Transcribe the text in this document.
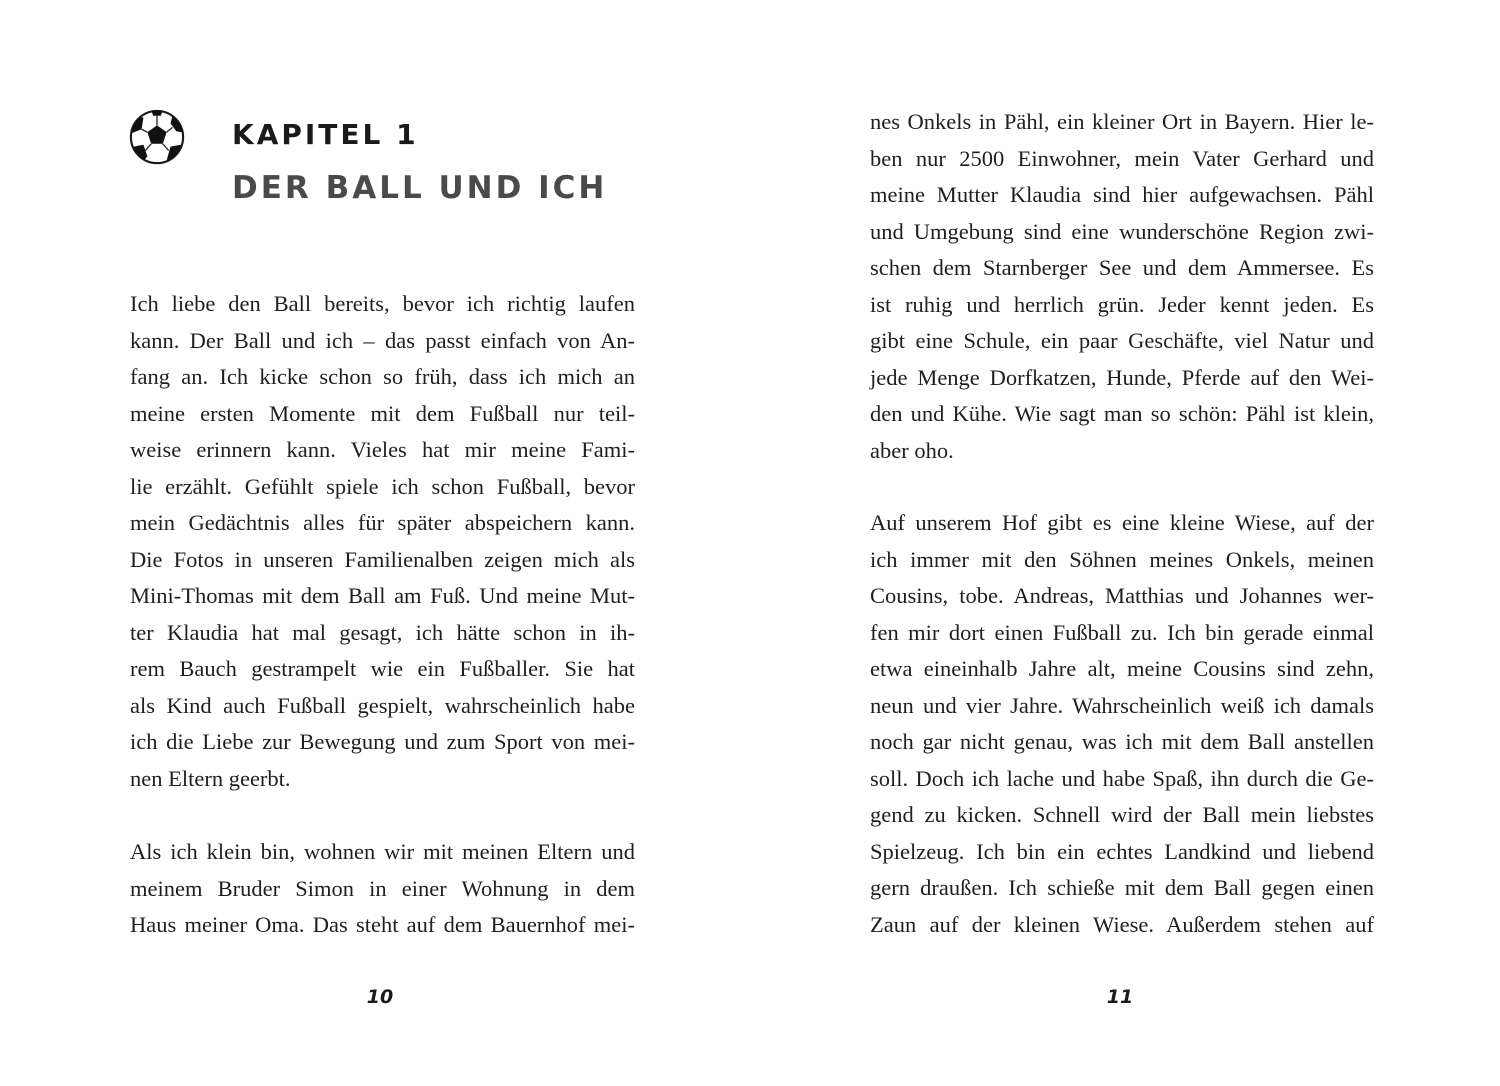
KAPITEL 1
DER BALL UND ICH
Ich liebe den Ball bereits, bevor ich richtig laufen
kann. Der Ball und ich – das passt einfach von An-
fang an. Ich kicke schon so früh, dass ich mich an
meine ersten Momente mit dem Fußball nur teil-
weise erinnern kann. Vieles hat mir meine Fami-
lie erzählt. Gefühlt spiele ich schon Fußball, bevor
mein Gedächtnis alles für später abspeichern kann.
Die Fotos in unseren Familienalben zeigen mich als
Mini-Thomas mit dem Ball am Fuß. Und meine Mut-
ter Klaudia hat mal gesagt, ich hätte schon in ih-
rem Bauch gestrampelt wie ein Fußballer. Sie hat
als Kind auch Fußball gespielt, wahrscheinlich habe
ich die Liebe zur Bewegung und zum Sport von mei-
nen Eltern geerbt.
Als ich klein bin, wohnen wir mit meinen Eltern und
meinem Bruder Simon in einer Wohnung in dem
Haus meiner Oma. Das steht auf dem Bauernhof mei-
10
nes Onkels in Pähl, ein kleiner Ort in Bayern. Hier le-
ben nur 2500 Einwohner, mein Vater Gerhard und
meine Mutter Klaudia sind hier aufgewachsen. Pähl
und Umgebung sind eine wunderschöne Region zwi-
schen dem Starnberger See und dem Ammersee. Es
ist ruhig und herrlich grün. Jeder kennt jeden. Es
gibt eine Schule, ein paar Geschäfte, viel Natur und
jede Menge Dorfkatzen, Hunde, Pferde auf den Wei-
den und Kühe. Wie sagt man so schön: Pähl ist klein,
aber oho.
Auf unserem Hof gibt es eine kleine Wiese, auf der
ich immer mit den Söhnen meines Onkels, meinen
Cousins, tobe. Andreas, Matthias und Johannes wer-
fen mir dort einen Fußball zu. Ich bin gerade einmal
etwa eineinhalb Jahre alt, meine Cousins sind zehn,
neun und vier Jahre. Wahrscheinlich weiß ich damals
noch gar nicht genau, was ich mit dem Ball anstellen
soll. Doch ich lache und habe Spaß, ihn durch die Ge-
gend zu kicken. Schnell wird der Ball mein liebstes
Spielzeug. Ich bin ein echtes Landkind und liebend
gern draußen. Ich schieße mit dem Ball gegen einen
Zaun auf der kleinen Wiese. Außerdem stehen auf
11
